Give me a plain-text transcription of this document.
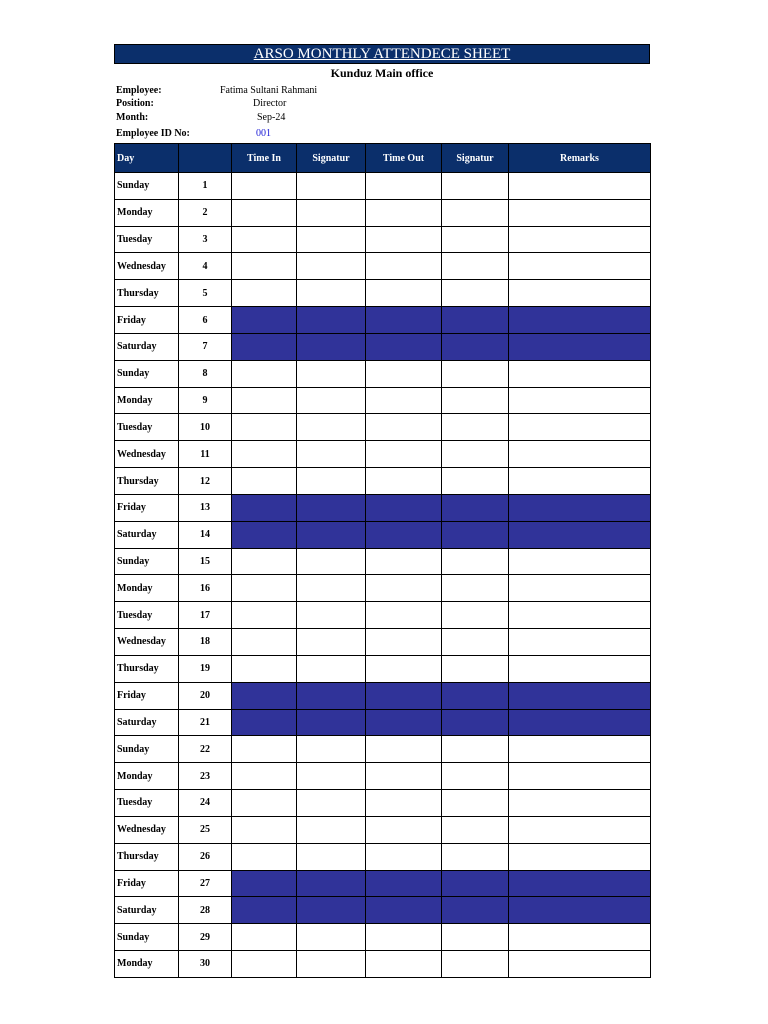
ARSO MONTHLY ATTENDECE SHEET
Kunduz Main office
Employee:	Fatima Sultani Rahmani
Position:	Director
Month:	Sep-24
Employee ID No:	001
Day		Time In	Signatur	Time Out	Signatur	Remarks
Sunday	1					
Monday	2					
Tuesday	3					
Wednesday	4					
Thursday	5					
Friday	6					
Saturday	7					
Sunday	8					
Monday	9					
Tuesday	10					
Wednesday	11					
Thursday	12					
Friday	13					
Saturday	14					
Sunday	15					
Monday	16					
Tuesday	17					
Wednesday	18					
Thursday	19					
Friday	20					
Saturday	21					
Sunday	22					
Monday	23					
Tuesday	24					
Wednesday	25					
Thursday	26					
Friday	27					
Saturday	28					
Sunday	29					
Monday	30					
